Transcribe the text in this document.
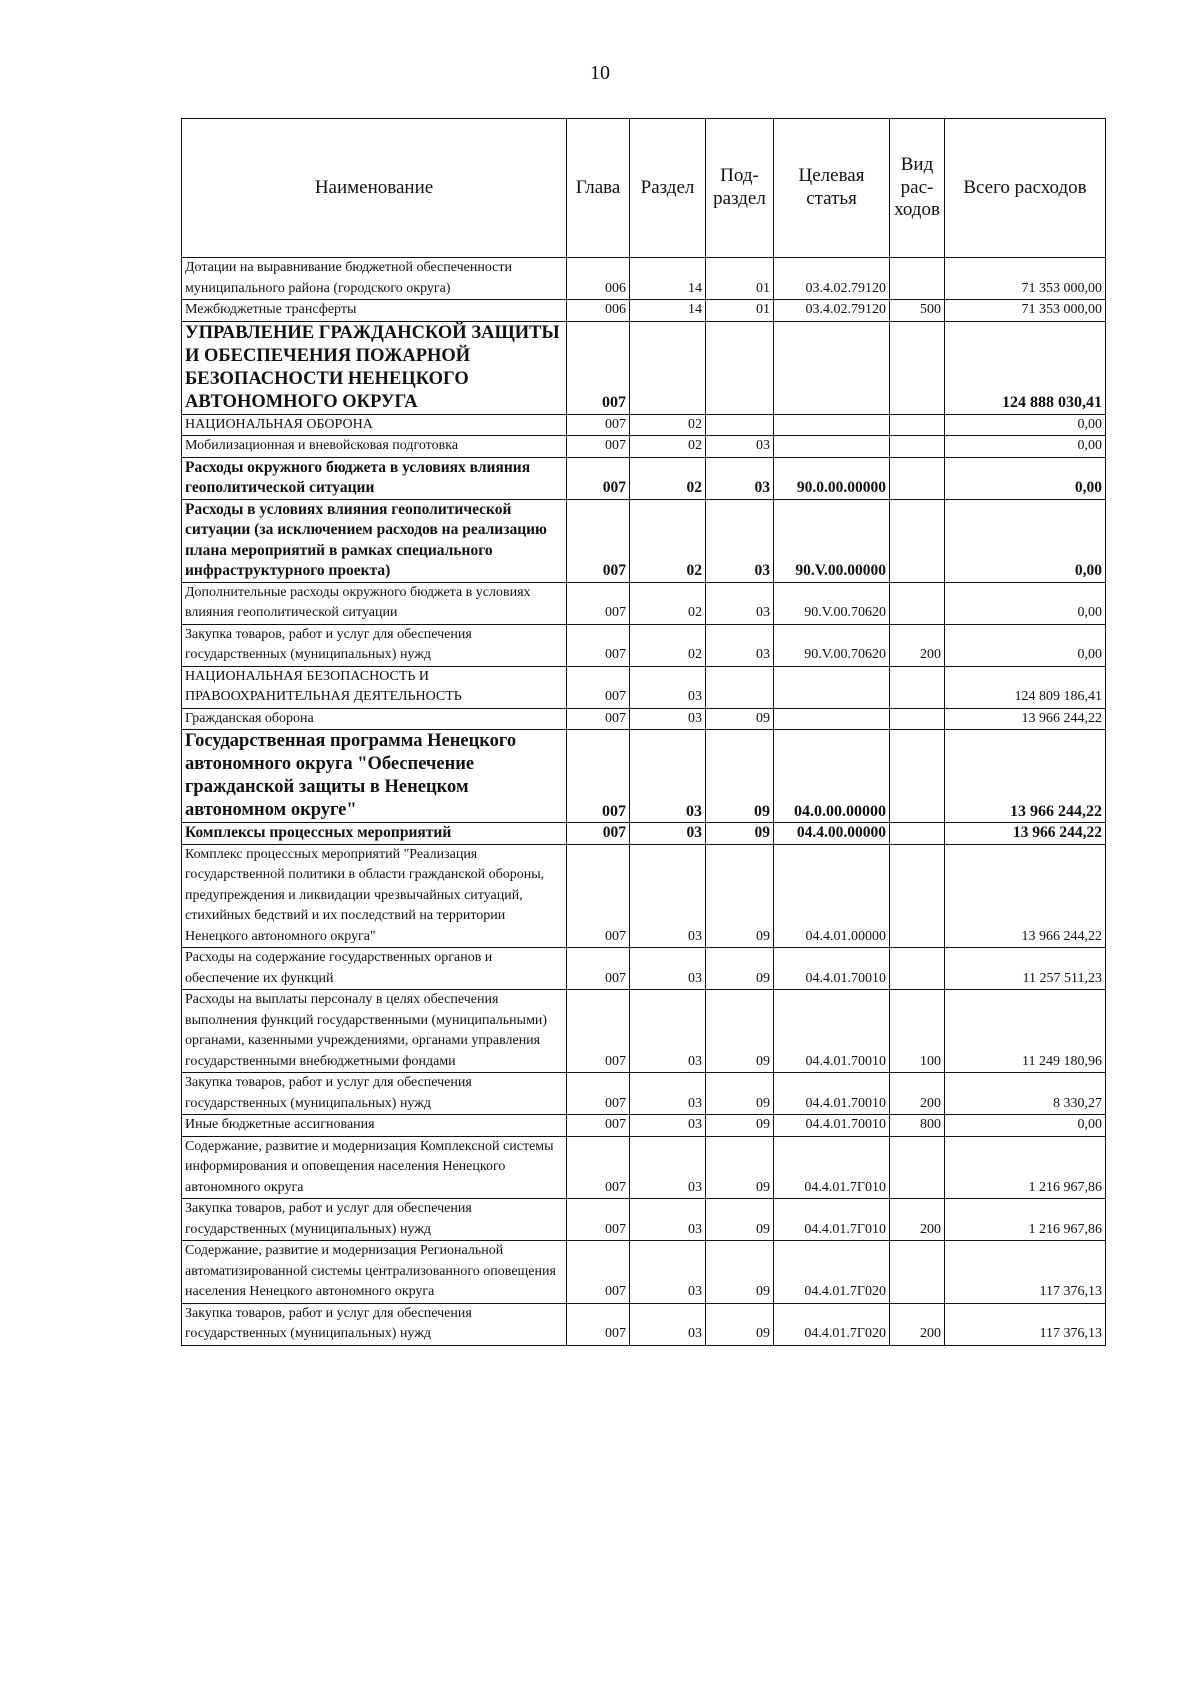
10
Наименование	Глава	Раздел	Под-раздел	Целевая статья	Вид рас-ходов	Всего расходов
Дотации на выравнивание бюджетной обеспеченности муниципального района (городского округа)	006	14	01	03.4.02.79120		71 353 000,00
Межбюджетные трансферты	006	14	01	03.4.02.79120	500	71 353 000,00
УПРАВЛЕНИЕ ГРАЖДАНСКОЙ ЗАЩИТЫ И ОБЕСПЕЧЕНИЯ ПОЖАРНОЙ БЕЗОПАСНОСТИ НЕНЕЦКОГО АВТОНОМНОГО ОКРУГА	007					124 888 030,41
НАЦИОНАЛЬНАЯ ОБОРОНА	007	02				0,00
Мобилизационная и вневойсковая подготовка	007	02	03			0,00
Расходы окружного бюджета в условиях влияния геополитической ситуации	007	02	03	90.0.00.00000		0,00
Расходы в условиях влияния геополитической ситуации (за исключением расходов на реализацию плана мероприятий в рамках специального инфраструктурного проекта)	007	02	03	90.V.00.00000		0,00
Дополнительные расходы окружного бюджета в условиях влияния геополитической ситуации	007	02	03	90.V.00.70620		0,00
Закупка товаров, работ и услуг для обеспечения государственных (муниципальных) нужд	007	02	03	90.V.00.70620	200	0,00
НАЦИОНАЛЬНАЯ БЕЗОПАСНОСТЬ И ПРАВООХРАНИТЕЛЬНАЯ ДЕЯТЕЛЬНОСТЬ	007	03				124 809 186,41
Гражданская оборона	007	03	09			13 966 244,22
Государственная программа Ненецкого автономного округа "Обеспечение гражданской защиты в Ненецком автономном округе"	007	03	09	04.0.00.00000		13 966 244,22
Комплексы процессных мероприятий	007	03	09	04.4.00.00000		13 966 244,22
Комплекс процессных мероприятий "Реализация государственной политики в области гражданской обороны, предупреждения и ликвидации чрезвычайных ситуаций, стихийных бедствий и их последствий на территории Ненецкого автономного округа"	007	03	09	04.4.01.00000		13 966 244,22
Расходы на содержание государственных органов и обеспечение их функций	007	03	09	04.4.01.70010		11 257 511,23
Расходы на выплаты персоналу в целях обеспечения выполнения функций государственными (муниципальными) органами, казенными учреждениями, органами управления государственными внебюджетными фондами	007	03	09	04.4.01.70010	100	11 249 180,96
Закупка товаров, работ и услуг для обеспечения государственных (муниципальных) нужд	007	03	09	04.4.01.70010	200	8 330,27
Иные бюджетные ассигнования	007	03	09	04.4.01.70010	800	0,00
Содержание, развитие и модернизация Комплексной системы информирования и оповещения населения Ненецкого автономного округа	007	03	09	04.4.01.7Г010		1 216 967,86
Закупка товаров, работ и услуг для обеспечения государственных (муниципальных) нужд	007	03	09	04.4.01.7Г010	200	1 216 967,86
Содержание, развитие и модернизация Региональной автоматизированной системы централизованного оповещения населения Ненецкого автономного округа	007	03	09	04.4.01.7Г020		117 376,13
Закупка товаров, работ и услуг для обеспечения государственных (муниципальных) нужд	007	03	09	04.4.01.7Г020	200	117 376,13
